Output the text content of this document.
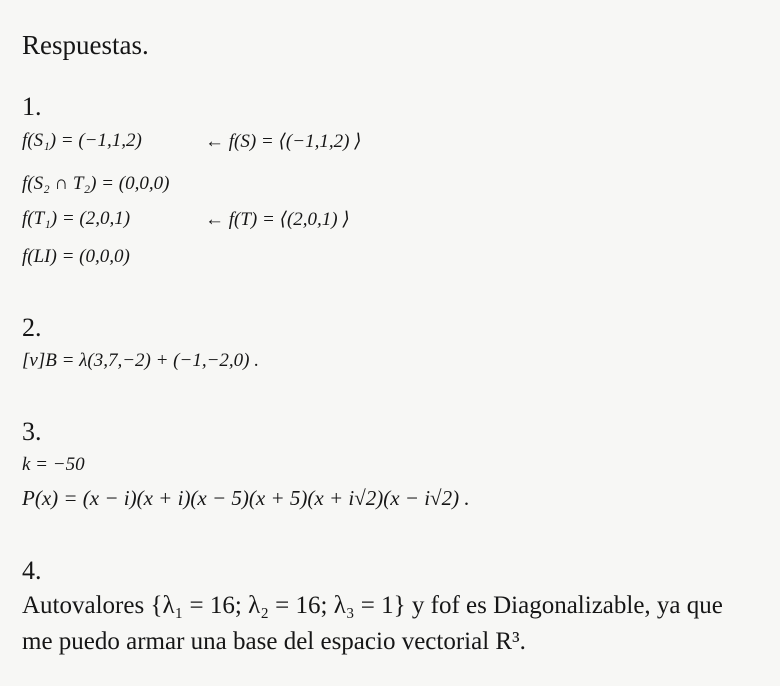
Respuestas.
1.
f(S₁) = (−1,1,2)	← f(S) = ⟨(−1,1,2) ⟩
f(S₂ ∩ T₂) = (0,0,0)
f(T₁) = (2,0,1)	← f(T) = ⟨(2,0,1) ⟩
f(LI) = (0,0,0)
2.
[v]B = λ(3,7,−2) + (−1,−2,0) .
3.
k = −50
P(x) = (x − i)(x + i)(x − 5)(x + 5)(x + i√2)(x − i√2) .
4.
Autovalores {λ₁ = 16; λ₂ = 16; λ₃ = 1} y fof es Diagonalizable, ya que
me puedo armar una base del espacio vectorial R³.
